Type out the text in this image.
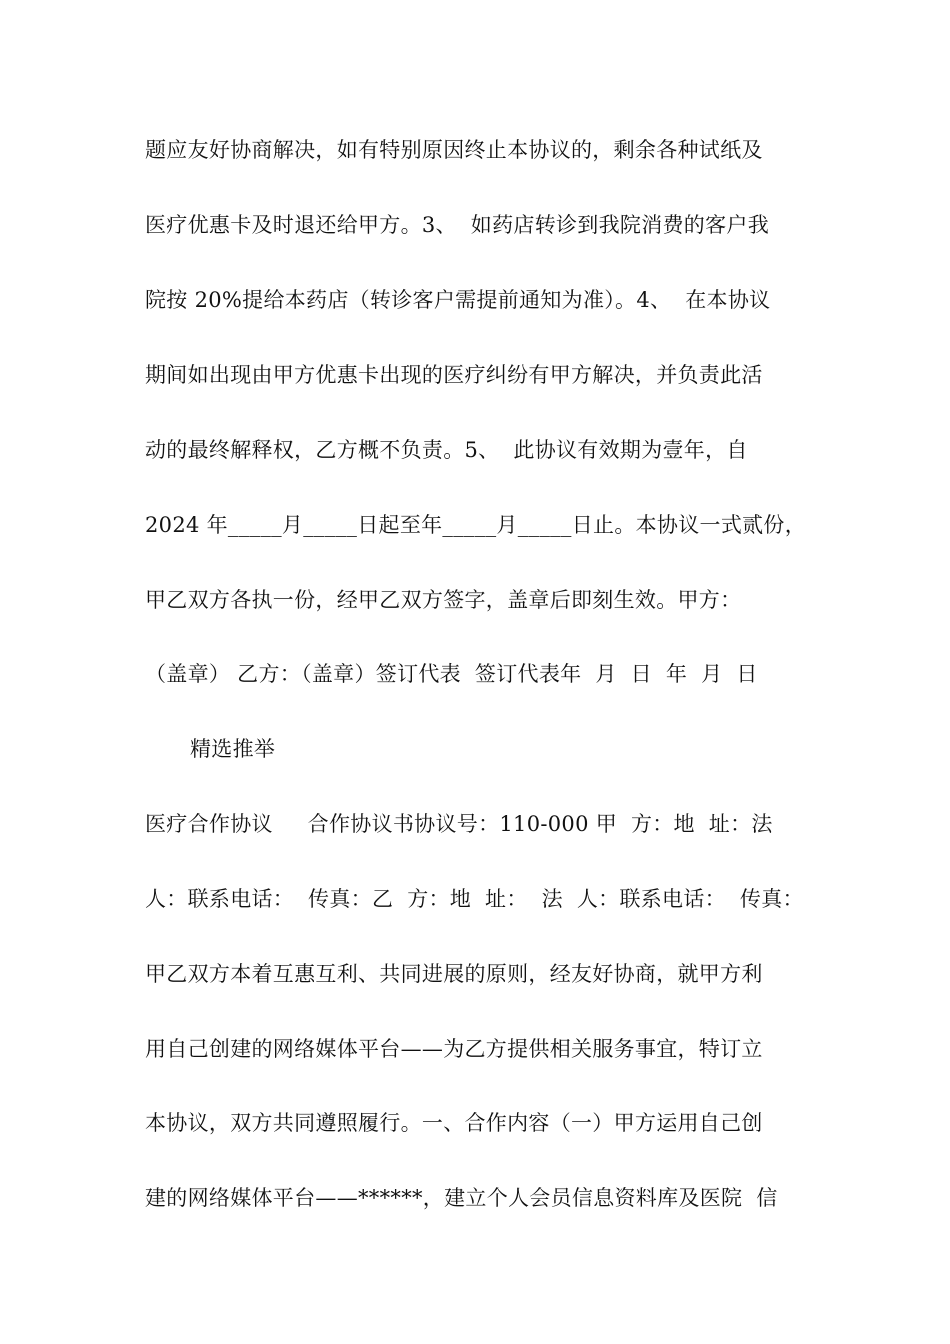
题应友好协商解决，如有特别原因终止本协议的，剩余各种试纸及
医疗优惠卡及时退还给甲方。3、  如药店转诊到我院消费的客户我
院按 20%提给本药店（转诊客户需提前通知为准）。4、  在本协议
期间如出现由甲方优惠卡出现的医疗纠纷有甲方解决，并负责此活
动的最终解释权，乙方概不负责。5、  此协议有效期为壹年，自
2024 年_____月_____日起至年_____月_____日止。本协议一式贰份，
甲乙双方各执一份，经甲乙双方签字，盖章后即刻生效。甲方：
（盖章） 乙方：（盖章）签订代表  签订代表年  月  日  年  月  日
精选推举
医疗合作协议     合作协议书协议号：110-000 甲  方：地  址：法
人：联系电话：  传真：乙  方：地  址：  法  人：联系电话：  传真：
甲乙双方本着互惠互利、共同进展的原则，经友好协商，就甲方利
用自己创建的网络媒体平台——为乙方提供相关服务事宜，特订立
本协议，双方共同遵照履行。一、合作内容（一）甲方运用自己创
建的网络媒体平台——******，建立个人会员信息资料库及医院  信
